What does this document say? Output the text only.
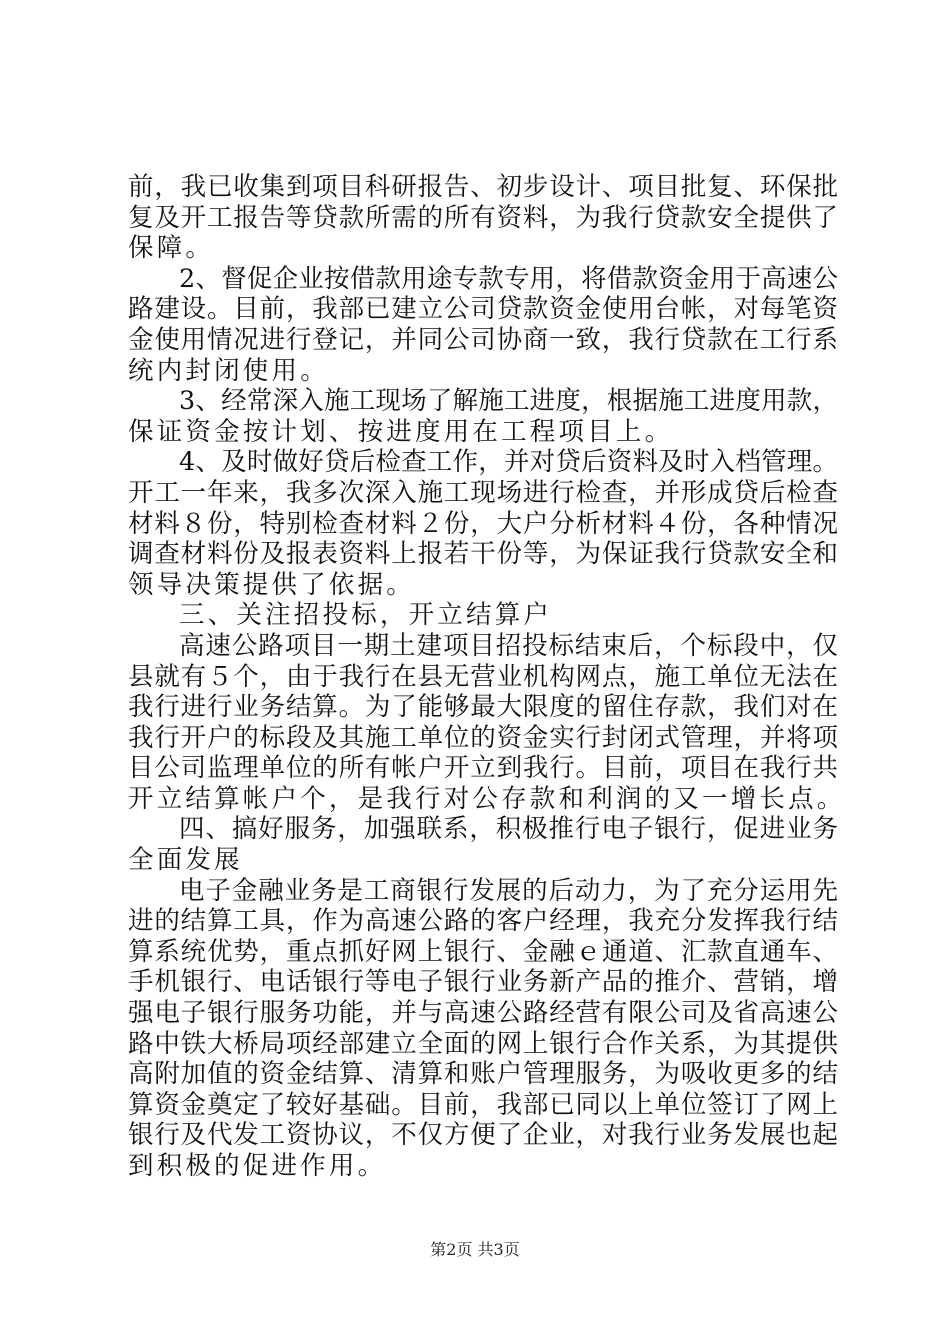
前，我已收集到项目科研报告、初步设计、项目批复、环保批

复及开工报告等贷款所需的所有资料，为我行贷款安全提供了

保障。

2、督促企业按借款用途专款专用，将借款资金用于高速公

路建设。目前，我部已建立公司贷款资金使用台帐，对每笔资

金使用情况进行登记，并同公司协商一致，我行贷款在工行系

统内封闭使用。

3、经常深入施工现场了解施工进度，根据施工进度用款，

保证资金按计划、按进度用在工程项目上。

4、及时做好贷后检查工作，并对贷后资料及时入档管理。

开工一年来，我多次深入施工现场进行检查，并形成贷后检查

材料８份，特别检查材料２份，大户分析材料４份，各种情况

调查材料份及报表资料上报若干份等，为保证我行贷款安全和

领导决策提供了依据。

三、关注招投标，开立结算户

高速公路项目一期土建项目招投标结束后，个标段中，仅

县就有５个，由于我行在县无营业机构网点，施工单位无法在

我行进行业务结算。为了能够最大限度的留住存款，我们对在

我行开户的标段及其施工单位的资金实行封闭式管理，并将项

目公司监理单位的所有帐户开立到我行。目前，项目在我行共

开立结算帐户个，是我行对公存款和利润的又一增长点。

四、搞好服务，加强联系，积极推行电子银行，促进业务

全面发展

电子金融业务是工商银行发展的后动力，为了充分运用先

进的结算工具，作为高速公路的客户经理，我充分发挥我行结

算系统优势，重点抓好网上银行、金融ｅ通道、汇款直通车、

手机银行、电话银行等电子银行业务新产品的推介、营销，增

强电子银行服务功能，并与高速公路经营有限公司及省高速公

路中铁大桥局项经部建立全面的网上银行合作关系，为其提供

高附加值的资金结算、清算和账户管理服务，为吸收更多的结

算资金奠定了较好基础。目前，我部已同以上单位签订了网上

银行及代发工资协议，不仅方便了企业，对我行业务发展也起

到积极的促进作用。

第2页 共3页
